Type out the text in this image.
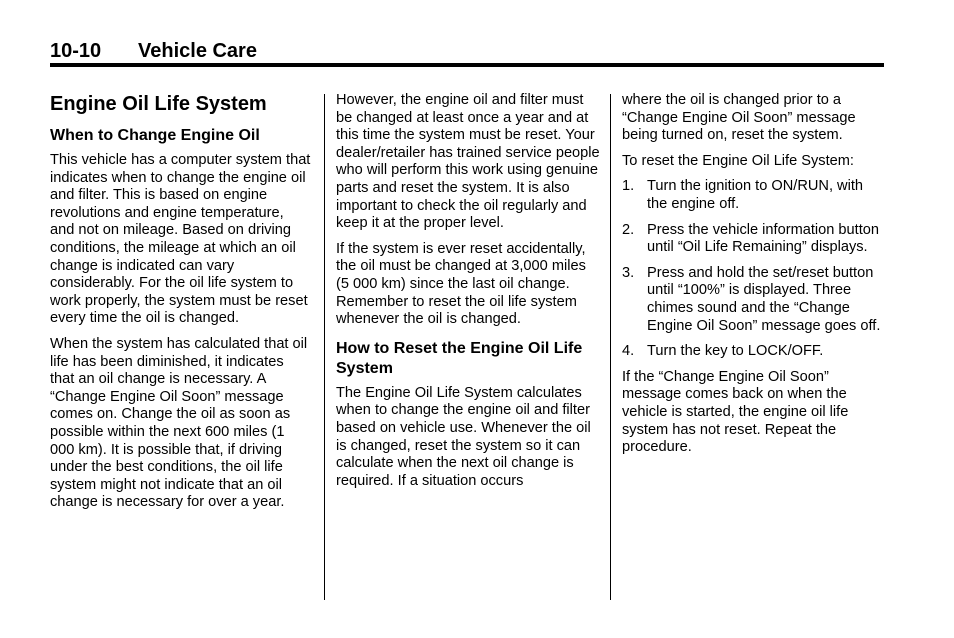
10-10 Vehicle Care
Engine Oil Life System
When to Change Engine Oil

This vehicle has a computer system that indicates when to change the engine oil and filter. This is based on engine revolutions and engine temperature, and not on mileage. Based on driving conditions, the mileage at which an oil change is indicated can vary considerably. For the oil life system to work properly, the system must be reset every time the oil is changed.

When the system has calculated that oil life has been diminished, it indicates that an oil change is necessary. A “Change Engine Oil Soon” message comes on. Change the oil as soon as possible within the next 600 miles (1 000 km). It is possible that, if driving under the best conditions, the oil life system might not indicate that an oil change is necessary for over a year.

However, the engine oil and filter must be changed at least once a year and at this time the system must be reset. Your dealer/retailer has trained service people who will perform this work using genuine parts and reset the system. It is also important to check the oil regularly and keep it at the proper level.

If the system is ever reset accidentally, the oil must be changed at 3,000 miles (5 000 km) since the last oil change. Remember to reset the oil life system whenever the oil is changed.

How to Reset the Engine Oil Life System

The Engine Oil Life System calculates when to change the engine oil and filter based on vehicle use. Whenever the oil is changed, reset the system so it can calculate when the next oil change is required. If a situation occurs

where the oil is changed prior to a “Change Engine Oil Soon” message being turned on, reset the system.

To reset the Engine Oil Life System:

1. Turn the ignition to ON/RUN, with the engine off.
2. Press the vehicle information button until “Oil Life Remaining” displays.
3. Press and hold the set/reset button until “100%” is displayed. Three chimes sound and the “Change Engine Oil Soon” message goes off.
4. Turn the key to LOCK/OFF.

If the “Change Engine Oil Soon” message comes back on when the vehicle is started, the engine oil life system has not reset. Repeat the procedure.
